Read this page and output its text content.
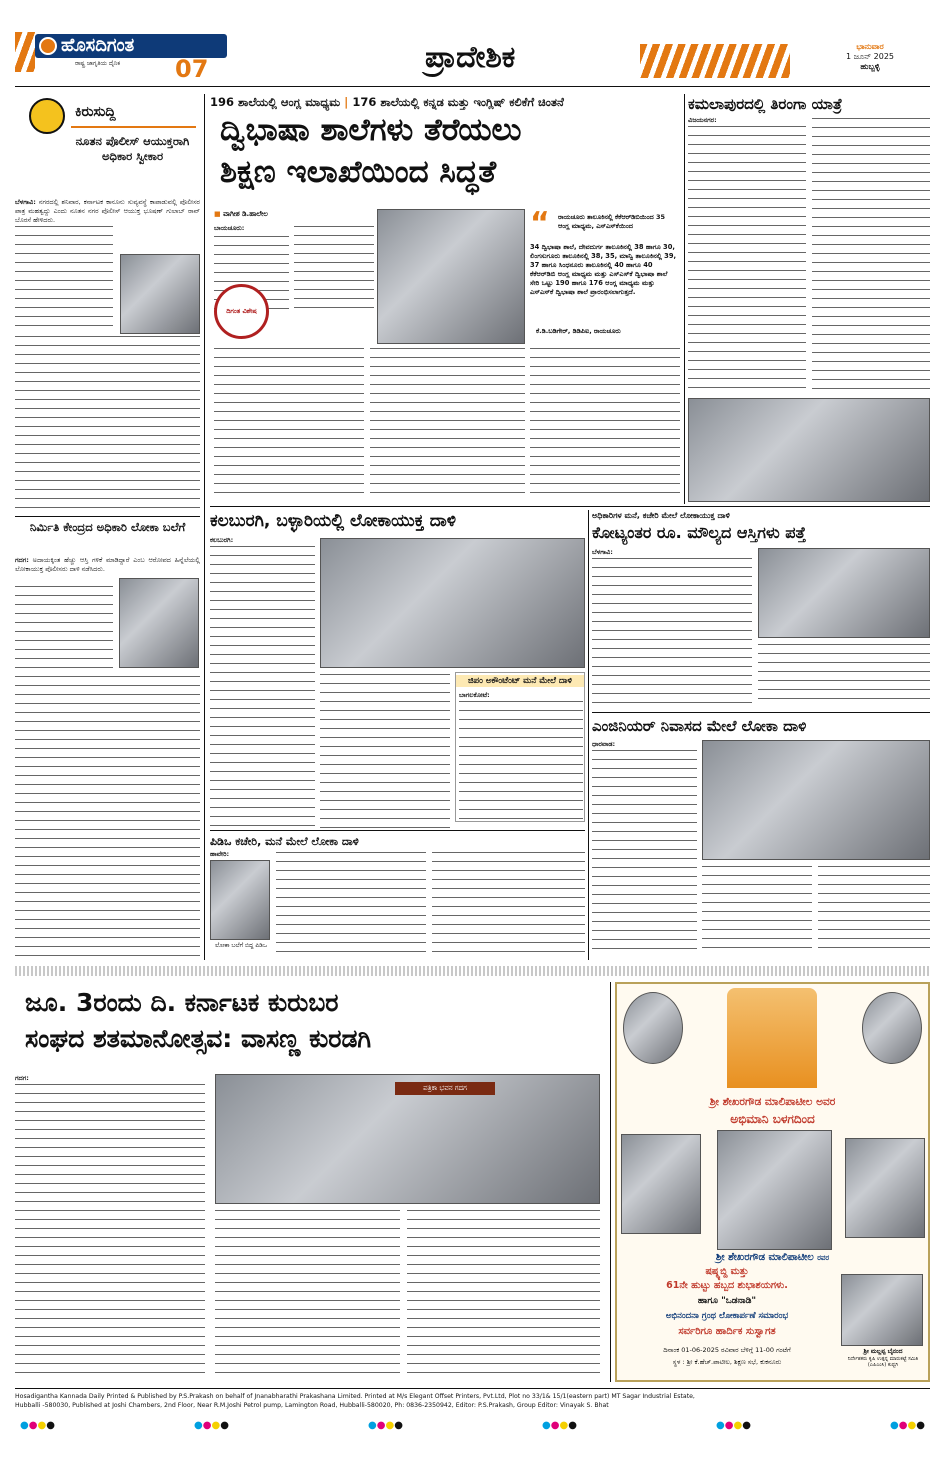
ಹೊಸದಿಗಂತ
ರಾಷ್ಟ್ರ ಜಾಗೃತಿಯ ದೈನಿಕ 07	ಪ್ರಾದೇಶಿಕ	ಭಾನುವಾರ
1 ಜೂನ್ 2025
ಹುಬ್ಬಳ್ಳಿ
ಕಿರುಸುದ್ದಿ
ನೂತನ ಪೊಲೀಸ್ ಆಯುಕ್ತರಾಗಿ ಅಧಿಕಾರ ಸ್ವೀಕಾರ
ಬೆಳಗಾವಿ: ನಗರದಲ್ಲಿ ಶನಿವಾರ, ಕರ್ನಾಟಕ ಕಾನೂನು ಸುವ್ಯವಸ್ಥೆ ಕಾಪಾಡುವಲ್ಲಿ ಪೊಲೀಸರ ಪಾತ್ರ ಮಹತ್ವದ್ದು ಎಂದು ನೂತನ ನಗರ ಪೊಲೀಸ್ ಆಯುಕ್ತ ಭೂಷಣ್ ಗುಲಾಬ್ ರಾವ್ ಬೊರಸೆ ಹೇಳಿದರು.
ನಿರ್ಮಿತಿ ಕೇಂದ್ರದ ಅಧಿಕಾರಿ ಲೋಕಾ ಬಲೆಗೆ
ಗದಗ: ಅದಾಯಕ್ಕಿಂತ ಹೆಚ್ಚು ಆಸ್ತಿ ಗಳಿಕೆ ಮಾಡಿದ್ದಾರೆ ಎಂಬ ಆರೋಪದ ಹಿನ್ನೆಲೆಯಲ್ಲಿ ಲೋಕಾಯುಕ್ತ ಪೊಲೀಸರು ದಾಳಿ ನಡೆಸಿದರು.
196 ಶಾಲೆಯಲ್ಲಿ ಆಂಗ್ಲ ಮಾಧ್ಯಮ | 176 ಶಾಲೆಯಲ್ಲಿ ಕನ್ನಡ ಮತ್ತು ಇಂಗ್ಲಿಷ್ ಕಲಿಕೆಗೆ ಚಿಂತನೆ
ದ್ವಿಭಾಷಾ ಶಾಲೆಗಳು ತೆರೆಯಲು
ಶಿಕ್ಷಣ ಇಲಾಖೆಯಿಂದ ಸಿದ್ಧತೆ
■ ವಾಗೀಶ ಡಿ.ಹಾಲೇಲ
ಬಾಯಚೂರು:
ದಿಗಂತ ವಿಶೇಷ
“ ರಾಯಚೂರು ತಾಲೂಕಿನಲ್ಲಿ ಕೆಕೆಆರ್‌ಡಿಬಿಯಿಂದ 35 ಆಂಗ್ಲ ಮಾಧ್ಯಮ, ಎಸ್‌ಎಸ್‌ಕೆಯಿಂದ
34 ದ್ವಿಭಾಷಾ ಶಾಲೆ, ದೇವದುರ್ಗ ತಾಲೂಕಿನಲ್ಲಿ 38 ಹಾಗೂ 30, ಲಿಂಗಸುಗೂರು ತಾಲೂಕಿನಲ್ಲಿ 38, 35, ಮಾನ್ವಿ ತಾಲೂಕಿನಲ್ಲಿ 39, 37 ಹಾಗೂ ಸಿಂಧನೂರು ತಾಲೂಕಿನಲ್ಲಿ 40 ಹಾಗೂ 40 ಕೆಕೆಆರ್‌ಡಿಬಿ ಆಂಗ್ಲ ಮಾಧ್ಯಮ ಮತ್ತು ಎಸ್‌ಎಸ್‌ಕೆ ದ್ವಿಭಾಷಾ ಶಾಲೆ ಸೇರಿ ಒಟ್ಟು 190 ಹಾಗೂ 176 ಆಂಗ್ಲ ಮಾಧ್ಯಮ ಮತ್ತು ಎಸ್‌ಎಸ್‌ಕೆ ದ್ವಿಭಾಷಾ ಶಾಲೆ ಪ್ರಾರಂಭಿಸಲಾಗುತ್ತದೆ.
ಕೆ.ಡಿ.ಬಡಿಗೇರ್, ಡಿಡಿಪಿಐ, ರಾಯಚೂರು
ಕಮಲಾಪುರದಲ್ಲಿ ತಿರಂಗಾ ಯಾತ್ರೆ
ವಿಜಯನಗರ:
ಕಲಬುರಗಿ, ಬಳ್ಳಾರಿಯಲ್ಲಿ ಲೋಕಾಯುಕ್ತ ದಾಳಿ
ಕಲಬುರಗಿ:
ಜಿಪಂ ಅಕೌಂಟೆಂಟ್ ಮನೆ ಮೇಲೆ ದಾಳಿ
ಬಾಗಲಕೋಟೆ:
ಪಿಡಿಒ ಕಚೇರಿ, ಮನೆ ಮೇಲೆ ಲೋಕಾ ದಾಳಿ
ಹಾವೇರಿ:
ಲೋಕಾ ಬಲೆಗೆ ಬಿದ್ದ ಪಿಡಿಒ
ಅಧಿಕಾರಿಗಳ ಮನೆ, ಕಚೇರಿ ಮೇಲೆ ಲೋಕಾಯುಕ್ತ ದಾಳಿ
ಕೋಟ್ಯಂತರ ರೂ. ಮೌಲ್ಯದ ಆಸ್ತಿಗಳು ಪತ್ತೆ
ಬೆಳಗಾವಿ:
ಎಂಜಿನಿಯರ್ ನಿವಾಸದ ಮೇಲೆ ಲೋಕಾ ದಾಳಿ
ಧಾರವಾಡ:
ಜೂ. 3ರಂದು ದಿ. ಕರ್ನಾಟಕ ಕುರುಬರ
ಸಂಘದ ಶತಮಾನೋತ್ಸವ: ವಾಸಣ್ಣ ಕುರಡಗಿ
ಗದಗ:
ಪತ್ರಿಕಾ ಭವನ ಗದಗ
ಶ್ರೀ ಶೇಖರಗೌಡ ಮಾಲಿಪಾಟೀಲ ಅವರ
ಅಭಿಮಾನಿ ಬಳಗದಿಂದ
ಶ್ರೀ ಶೇಖರಗೌಡ ಮಾಲಿಪಾಟೀಲ ರವರ
ಷಷ್ಠ್ಯಬ್ದಿ ಮತ್ತು
61ನೇ ಹುಟ್ಟು ಹಬ್ಬದ ಶುಭಾಶಯಗಳು.
ಹಾಗೂ "ಒಡನಾಡಿ"
ಅಭಿನಂದನಾ ಗ್ರಂಥ ಲೋಕಾರ್ಪಣೆ ಸಮಾರಂಭ
ಸರ್ವರಿಗೂ ಹಾರ್ದಿಕ ಸುಸ್ವಾಗತ
ದಿನಾಂಕ 01-06-2025 ರವಿವಾರ ಬೆಳಿಗ್ಗೆ 11-00 ಗಂಟೆಗೆ
ಸ್ಥಳ : ಶ್ರೀ ಕೆ.ಹೆಚ್.ಪಾಟೀಲ, ಶಿಕ್ಷಣ ಸಭೆ, ಕುಕನೂರು
ಶ್ರೀ ಮಲ್ಲಪ್ಪ ಬೈನಂದ
ನಿರ್ದೇಶಕರು ಕೃಷಿ ಉತ್ಪನ್ನ ಮಾರುಕಟ್ಟೆ ಸಮಿತಿ (ಎಪಿಎಂಸಿ) ಕುಷ್ಟಗಿ
Hosadigantha Kannada Daily Printed & Published by P.S.Prakash on behalf of Jnanabharathi Prakashana Limited. Printed at M/s Elegant Offset Printers, Pvt.Ltd, Plot no 33/1& 15/1(eastern part) MT Sagar Industrial Estate,
Hubballi -580030, Published at Joshi Chambers, 2nd Floor, Near R.M.Joshi Petrol pump, Lamington Road, Hubballi-580020, Ph: 0836-2350942, Editor: P.S.Prakash, Group Editor: Vinayak S. Bhat
●●●●	●●●●	●●●●	●●●●	●●●●	●●●●
